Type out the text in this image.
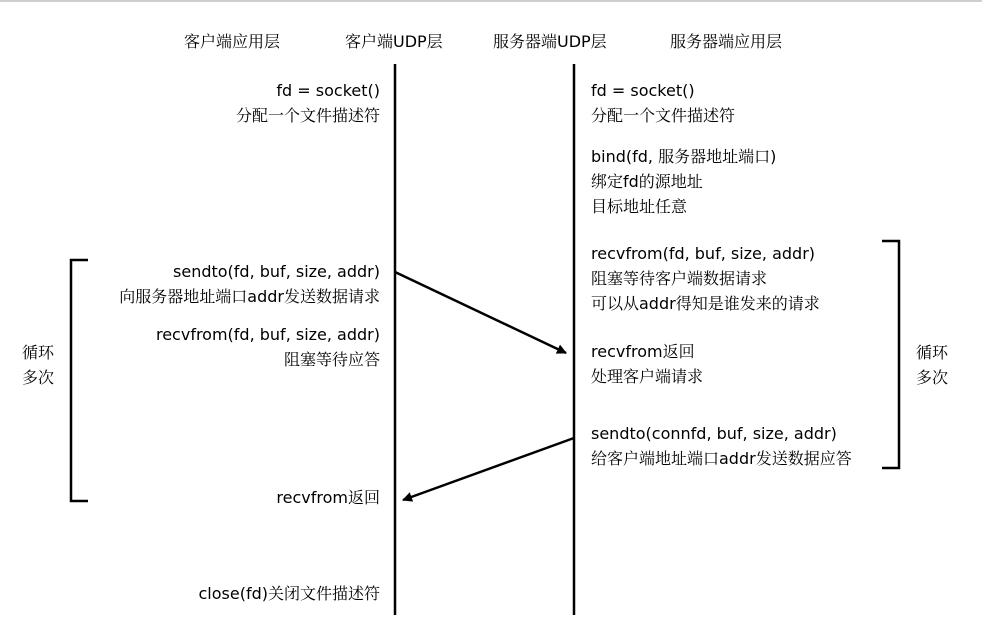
客户端应用层	客户端UDP层	服务器端UDP层	服务器端应用层
fd = socket()
分配一个文件描述符
sendto(fd, buf, size, addr)
向服务器地址端口addr发送数据请求
recvfrom(fd, buf, size, addr)
阻塞等待应答
recvfrom返回
close(fd)关闭文件描述符
循环
多次
fd = socket()
分配一个文件描述符
bind(fd, 服务器地址端口)
绑定fd的源地址
目标地址任意
recvfrom(fd, buf, size, addr)
阻塞等待客户端数据请求
可以从addr得知是谁发来的请求
recvfrom返回
处理客户端请求
sendto(connfd, buf, size, addr)
给客户端地址端口addr发送数据应答
循环
多次
